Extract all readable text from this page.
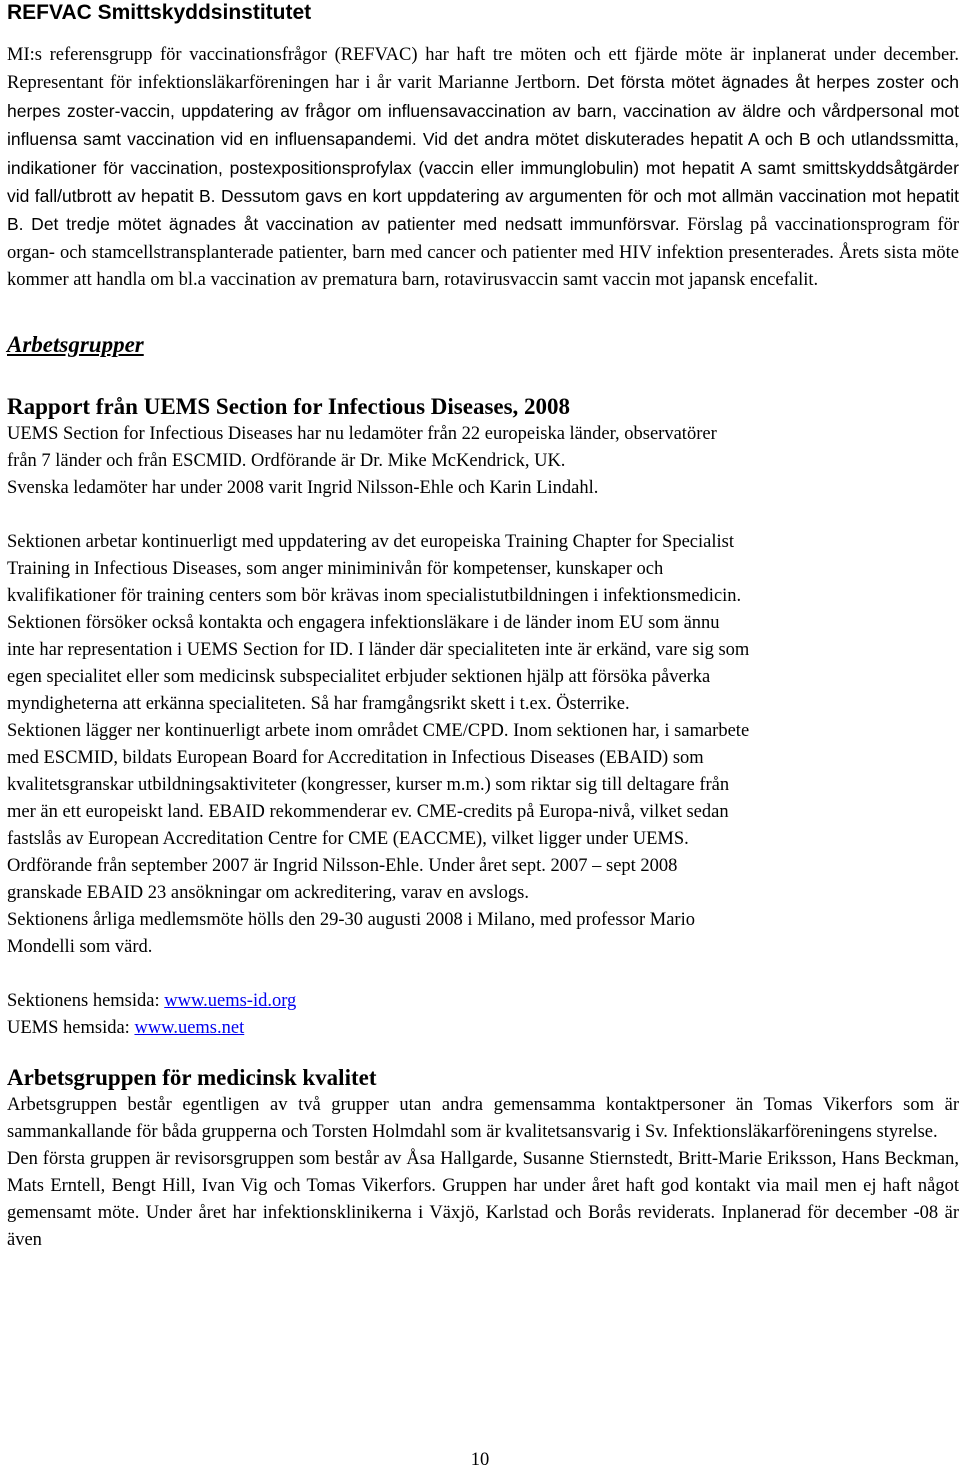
REFVAC Smittskyddsinstitutet

MI:s referensgrupp för vaccinationsfrågor (REFVAC) har haft tre möten och ett fjärde möte är inplanerat under december. Representant för infektionsläkarföreningen har i år varit Marianne Jertborn. Det första mötet ägnades åt herpes zoster och herpes zoster-vaccin, uppdatering av frågor om influensavaccination av barn, vaccination av äldre och vårdpersonal mot influensa samt vaccination vid en influensapandemi. Vid det andra mötet diskuterades hepatit A och B och utlandssmitta, indikationer för vaccination, postexpositionsprofylax (vaccin eller immunglobulin) mot hepatit A samt smittskyddsåtgärder vid fall/utbrott av hepatit B. Dessutom gavs en kort uppdatering av argumenten för och mot allmän vaccination mot hepatit B. Det tredje mötet ägnades åt vaccination av patienter med nedsatt immunförsvar. Förslag på vaccinationsprogram för organ- och stamcellstransplanterade patienter, barn med cancer och patienter med HIV infektion presenterades. Årets sista möte kommer att handla om bl.a vaccination av prematura barn, rotavirusvaccin samt vaccin mot japansk encefalit.

Arbetsgrupper
Rapport från UEMS Section for Infectious Diseases, 2008

UEMS Section for Infectious Diseases har nu ledamöter från 22 europeiska länder, observatörer

från 7 länder och från ESCMID. Ordförande är Dr. Mike McKendrick, UK.

Svenska ledamöter har under 2008 varit Ingrid Nilsson-Ehle och Karin Lindahl.

Sektionen arbetar kontinuerligt med uppdatering av det europeiska Training Chapter for Specialist

Training in Infectious Diseases, som anger miniminivån för kompetenser, kunskaper och

kvalifikationer för training centers som bör krävas inom specialistutbildningen i infektionsmedicin.

Sektionen försöker också kontakta och engagera infektionsläkare i de länder inom EU som ännu

inte har representation i UEMS Section for ID. I länder där specialiteten inte är erkänd, vare sig som

egen specialitet eller som medicinsk subspecialitet erbjuder sektionen hjälp att försöka påverka

myndigheterna att erkänna specialiteten. Så har framgångsrikt skett i t.ex. Österrike.

Sektionen lägger ner kontinuerligt arbete inom området CME/CPD. Inom sektionen har, i samarbete

med ESCMID, bildats European Board for Accreditation in Infectious Diseases (EBAID) som

kvalitetsgranskar utbildningsaktiviteter (kongresser, kurser m.m.) som riktar sig till deltagare från

mer än ett europeiskt land. EBAID rekommenderar ev. CME-credits på Europa-nivå, vilket sedan

fastslås av European Accreditation Centre for CME (EACCME), vilket ligger under UEMS.

Ordförande från september 2007 är Ingrid Nilsson-Ehle. Under året sept. 2007 – sept 2008

granskade EBAID 23 ansökningar om ackreditering, varav en avslogs.

Sektionens årliga medlemsmöte hölls den 29-30 augusti 2008 i Milano, med professor Mario

Mondelli som värd.

Sektionens hemsida: www.uems-id.org

UEMS hemsida: www.uems.net

Arbetsgruppen för medicinsk kvalitet

Arbetsgruppen består egentligen av två grupper utan andra gemensamma kontaktpersoner än Tomas Vikerfors som är sammankallande för båda grupperna och Torsten Holmdahl som är kvalitetsansvarig i Sv. Infektionsläkarföreningens styrelse.

Den första gruppen är revisorsgruppen som består av Åsa Hallgarde, Susanne Stiernstedt, Britt-Marie Eriksson, Hans Beckman, Mats Erntell, Bengt Hill, Ivan Vig och Tomas Vikerfors. Gruppen har under året haft god kontakt via mail men ej haft något gemensamt möte. Under året har infektionsklinikerna i Växjö, Karlstad och Borås reviderats. Inplanerad för december -08 är även

10
